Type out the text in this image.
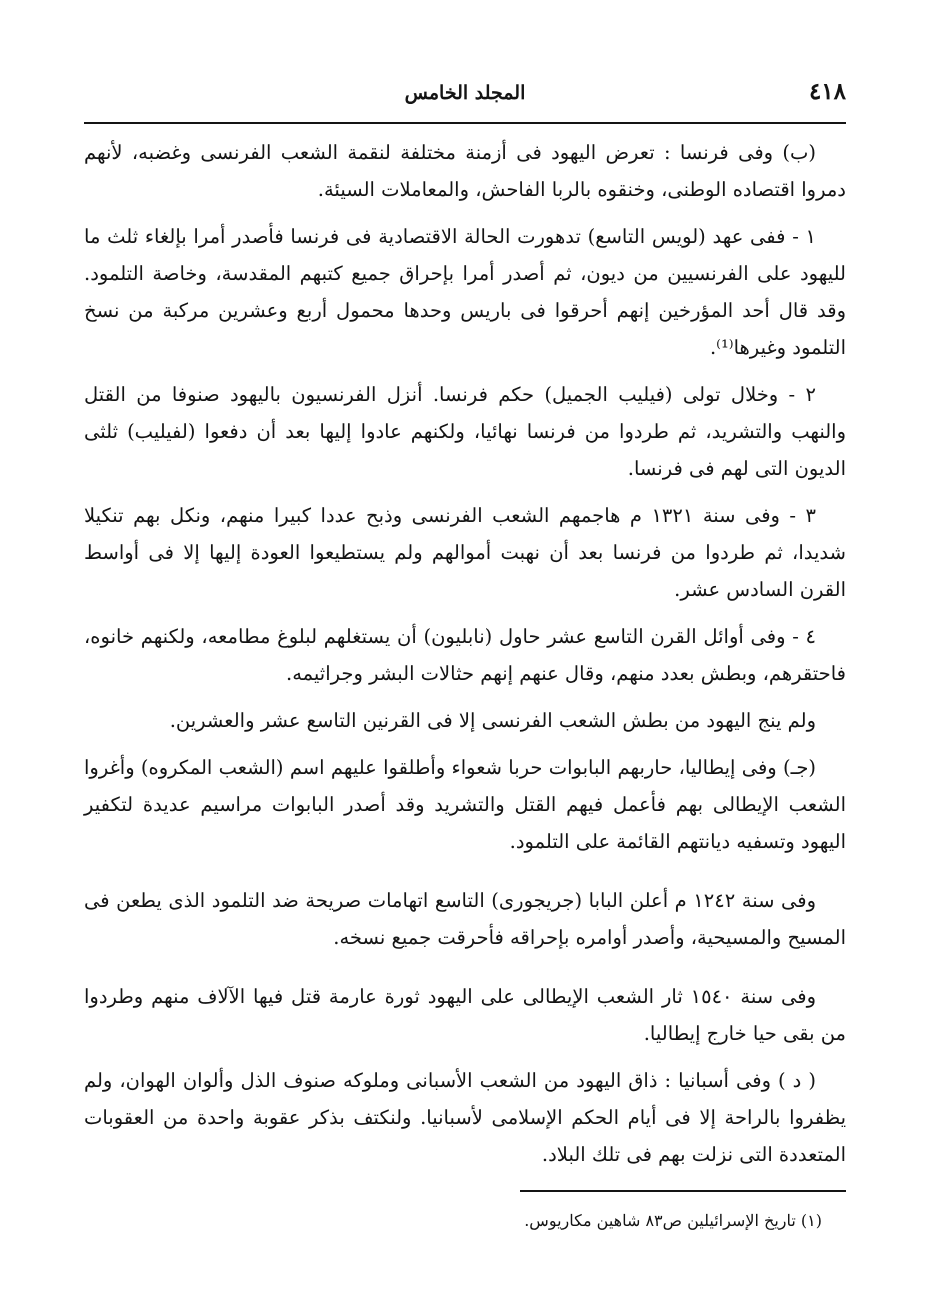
٤١٨
المجلد الخامس

(ب) وفى فرنسا : تعرض اليهود فى أزمنة مختلفة لنقمة الشعب الفرنسى وغضبه، لأنهم دمروا اقتصاده الوطنى، وخنقوه بالربا الفاحش، والمعاملات السيئة.

١ - ففى عهد (لويس التاسع) تدهورت الحالة الاقتصادية فى فرنسا فأصدر أمرا بإلغاء ثلث ما لليهود على الفرنسيين من ديون، ثم أصدر أمرا بإحراق جميع كتبهم المقدسة، وخاصة التلمود. وقد قال أحد المؤرخين إنهم أحرقوا فى باريس وحدها محمول أربع وعشرين مركبة من نسخ التلمود وغيرها⁽¹⁾.

٢ - وخلال تولى (فيليب الجميل) حكم فرنسا. أنزل الفرنسيون باليهود صنوفا من القتل والنهب والتشريد، ثم طردوا من فرنسا نهائيا، ولكنهم عادوا إليها بعد أن دفعوا (لفيليب) ثلثى الديون التى لهم فى فرنسا.

٣ - وفى سنة ١٣٢١ م هاجمهم الشعب الفرنسى وذبح عددا كبيرا منهم، ونكل بهم تنكيلا شديدا، ثم طردوا من فرنسا بعد أن نهبت أموالهم ولم يستطيعوا العودة إليها إلا فى أواسط القرن السادس عشر.

٤ - وفى أوائل القرن التاسع عشر حاول (نابليون) أن يستغلهم لبلوغ مطامعه، ولكنهم خانوه، فاحتقرهم، وبطش بعدد منهم، وقال عنهم إنهم حثالات البشر وجراثيمه.

ولم ينج اليهود من بطش الشعب الفرنسى إلا فى القرنين التاسع عشر والعشرين.

(جـ) وفى إيطاليا، حاربهم البابوات حربا شعواء وأطلقوا عليهم اسم (الشعب المكروه) وأغروا الشعب الإيطالى بهم فأعمل فيهم القتل والتشريد وقد أصدر البابوات مراسيم عديدة لتكفير اليهود وتسفيه ديانتهم القائمة على التلمود.

وفى سنة ١٢٤٢ م أعلن البابا (جريجورى) التاسع اتهامات صريحة ضد التلمود الذى يطعن فى المسيح والمسيحية، وأصدر أوامره بإحراقه فأحرقت جميع نسخه.

وفى سنة ١٥٤٠ ثار الشعب الإيطالى على اليهود ثورة عارمة قتل فيها الآلاف منهم وطردوا من بقى حيا خارج إيطاليا.

( د ) وفى أسبانيا : ذاق اليهود من الشعب الأسبانى وملوكه صنوف الذل وألوان الهوان، ولم يظفروا بالراحة إلا فى أيام الحكم الإسلامى لأسبانيا. ولنكتف بذكر عقوبة واحدة من العقوبات المتعددة التى نزلت بهم فى تلك البلاد.

(١) تاريخ الإسرائيلين ص٨٣ شاهين مكاريوس.
